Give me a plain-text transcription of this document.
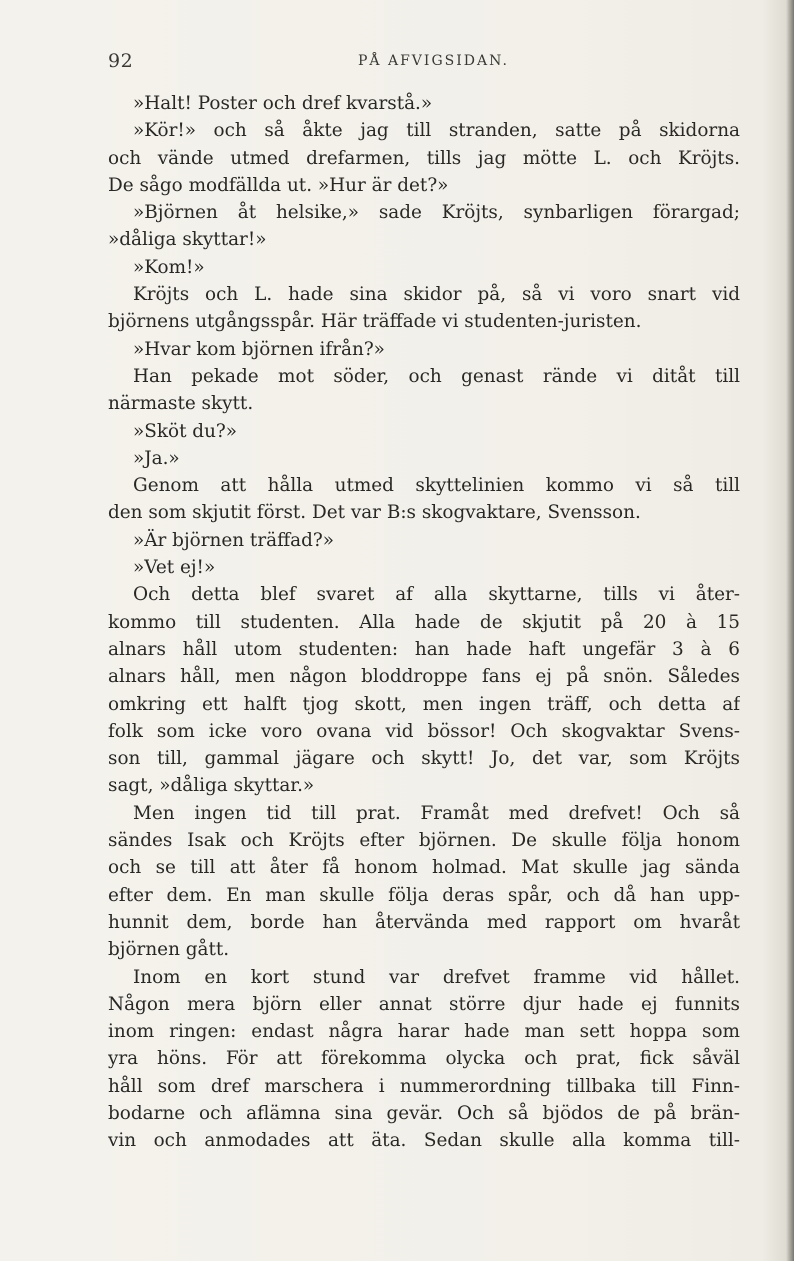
92	PÅ AFVIGSIDAN.
»Halt! Poster och dref kvarstå.»
»Kör!» och så åkte jag till stranden, satte på skidorna
och vände utmed drefarmen, tills jag mötte L. och Kröjts.
De sågo modfällda ut. »Hur är det?»
»Björnen åt helsike,» sade Kröjts, synbarligen förargad;
»dåliga skyttar!»
»Kom!»
Kröjts och L. hade sina skidor på, så vi voro snart vid
björnens utgångsspår. Här träffade vi studenten-juristen.
»Hvar kom björnen ifrån?»
Han pekade mot söder, och genast rände vi ditåt till
närmaste skytt.
»Sköt du?»
»Ja.»
Genom att hålla utmed skyttelinien kommo vi så till
den som skjutit först. Det var B:s skogvaktare, Svensson.
»Är björnen träffad?»
»Vet ej!»
Och detta blef svaret af alla skyttarne, tills vi åter-
kommo till studenten. Alla hade de skjutit på 20 à 15
alnars håll utom studenten: han hade haft ungefär 3 à 6
alnars håll, men någon bloddroppe fans ej på snön. Således
omkring ett halft tjog skott, men ingen träff, och detta af
folk som icke voro ovana vid bössor! Och skogvaktar Svens-
son till, gammal jägare och skytt! Jo, det var, som Kröjts
sagt, »dåliga skyttar.»
Men ingen tid till prat. Framåt med drefvet! Och så
sändes Isak och Kröjts efter björnen. De skulle följa honom
och se till att åter få honom holmad. Mat skulle jag sända
efter dem. En man skulle följa deras spår, och då han upp-
hunnit dem, borde han återvända med rapport om hvaråt
björnen gått.
Inom en kort stund var drefvet framme vid hållet.
Någon mera björn eller annat större djur hade ej funnits
inom ringen: endast några harar hade man sett hoppa som
yra höns. För att förekomma olycka och prat, fick såväl
håll som dref marschera i nummerordning tillbaka till Finn-
bodarne och aflämna sina gevär. Och så bjödos de på brän-
vin och anmodades att äta. Sedan skulle alla komma till-
